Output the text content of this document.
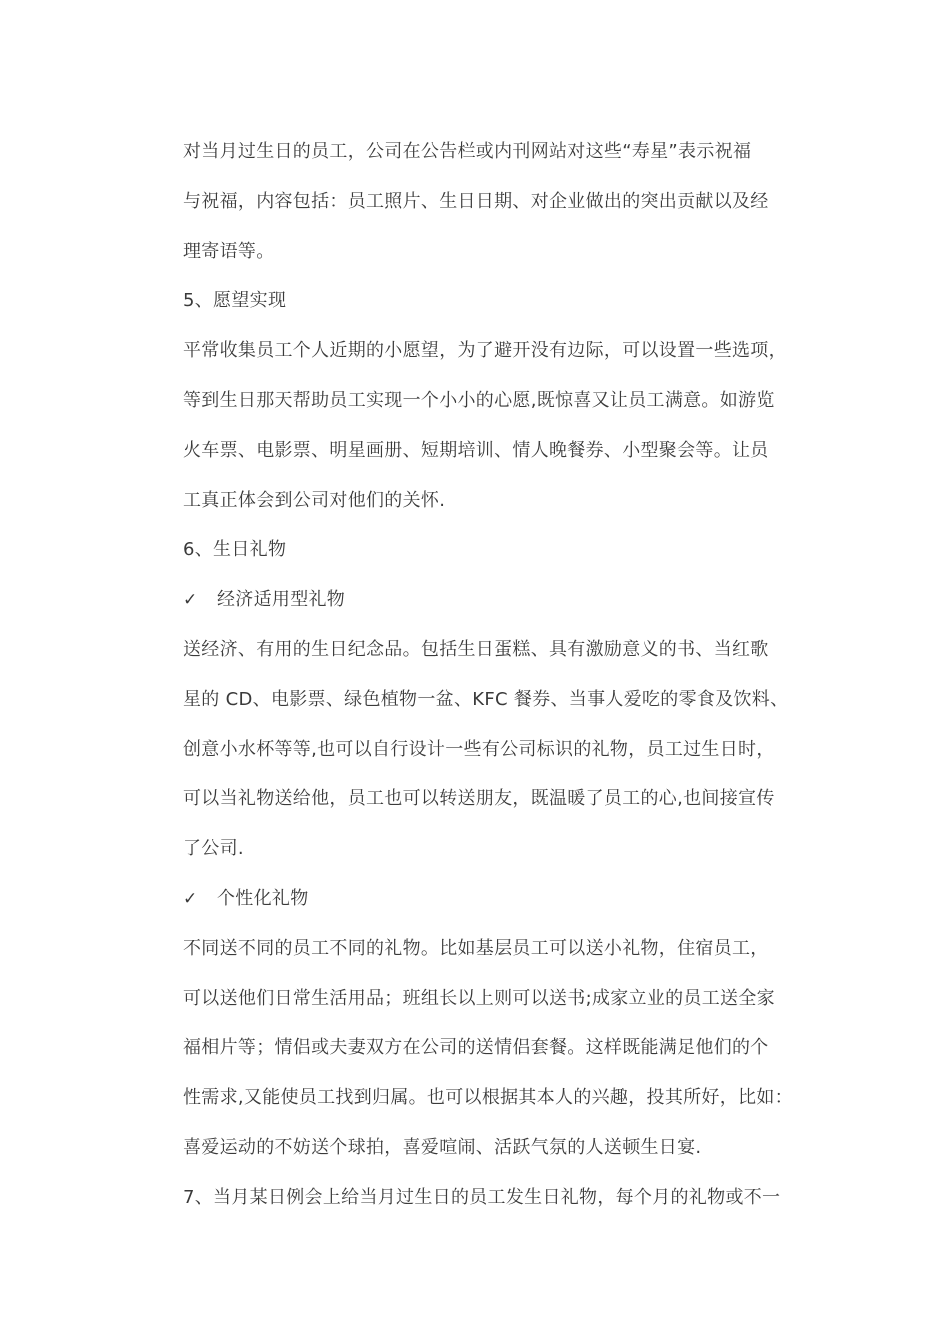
对当月过生日的员工，公司在公告栏或内刊网站对这些“寿星”表示祝福
与祝福，内容包括：员工照片、生日日期、对企业做出的突出贡献以及经
理寄语等。
5、愿望实现
平常收集员工个人近期的小愿望，为了避开没有边际，可以设置一些选项，
等到生日那天帮助员工实现一个小小的心愿,既惊喜又让员工满意。如游览
火车票、电影票、明星画册、短期培训、情人晚餐券、小型聚会等。让员
工真正体会到公司对他们的关怀.
6、生日礼物
✓	经济适用型礼物
送经济、有用的生日纪念品。包括生日蛋糕、具有激励意义的书、当红歌
星的 CD、电影票、绿色植物一盆、KFC 餐券、当事人爱吃的零食及饮料、
创意小水杯等等,也可以自行设计一些有公司标识的礼物，员工过生日时，
可以当礼物送给他，员工也可以转送朋友，既温暖了员工的心,也间接宣传
了公司.
✓	个性化礼物
不同送不同的员工不同的礼物。比如基层员工可以送小礼物，住宿员工，
可以送他们日常生活用品；班组长以上则可以送书;成家立业的员工送全家
福相片等；情侣或夫妻双方在公司的送情侣套餐。这样既能满足他们的个
性需求,又能使员工找到归属。也可以根据其本人的兴趣，投其所好，比如：
喜爱运动的不妨送个球拍，喜爱喧闹、活跃气氛的人送顿生日宴.
7、当月某日例会上给当月过生日的员工发生日礼物，每个月的礼物或不一
